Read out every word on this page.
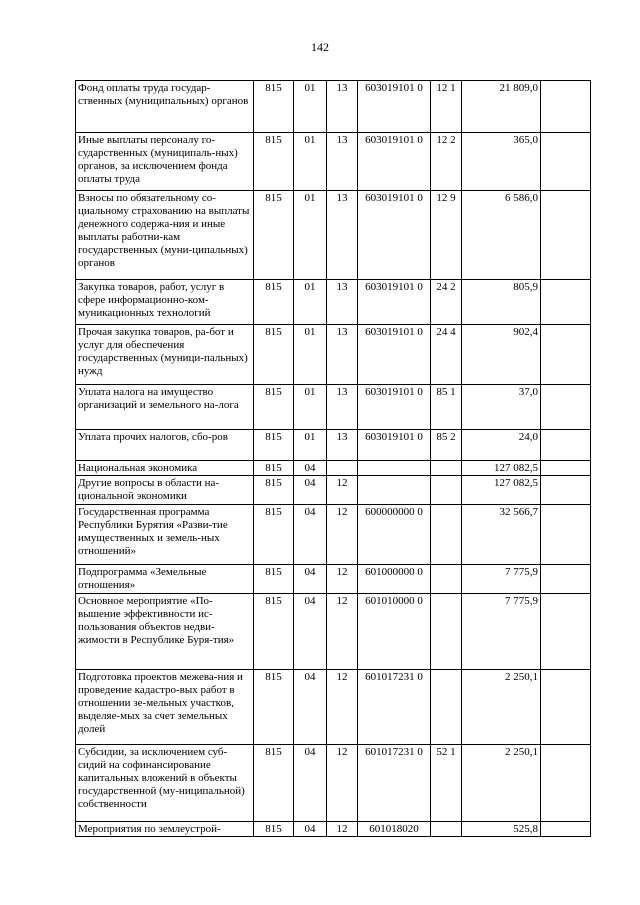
142
Фонд оплаты труда государ-ственных (муниципальных) органов	815	01	13	603019101 0	12 1	21 809,0	
Иные выплаты персоналу го-сударственных (муниципаль-ных) органов, за исключением фонда оплаты труда	815	01	13	603019101 0	12 2	365,0	
Взносы по обязательному со-циальному страхованию на выплаты денежного содержа-ния и иные выплаты работни-кам государственных (муни-ципальных) органов	815	01	13	603019101 0	12 9	6 586,0	
Закупка товаров, работ, услуг в сфере информационно-ком-муникационных технологий	815	01	13	603019101 0	24 2	805,9	
Прочая закупка товаров, ра-бот и услуг для обеспечения государственных (муници-пальных) нужд	815	01	13	603019101 0	24 4	902,4	
Уплата налога на имущество организаций и земельного на-лога	815	01	13	603019101 0	85 1	37,0	
Уплата прочих налогов, сбо-ров	815	01	13	603019101 0	85 2	24,0	
Национальная экономика	815	04				127 082,5	
Другие вопросы в области на-циональной экономики	815	04	12			127 082,5	
Государственная программа Республики Бурятия «Разви-тие имущественных и земель-ных отношений»	815	04	12	600000000 0		32 566,7	
Подпрограмма «Земельные отношения»	815	04	12	601000000 0		7 775,9	
Основное мероприятие «По-вышение эффективности ис-пользования объектов недви-жимости в Республике Буря-тия»	815	04	12	601010000 0		7 775,9	
Подготовка проектов межева-ния и проведение кадастро-вых работ в отношении зе-мельных участков, выделяе-мых за счет земельных долей	815	04	12	601017231 0		2 250,1	
Субсидии, за исключением суб-сидий на софинансирование капитальных вложений в объекты государственной (му-ниципальной) собственности	815	04	12	601017231 0	52 1	2 250,1	
Мероприятия по землеустрой-	815	04	12	601018020		525,8	
